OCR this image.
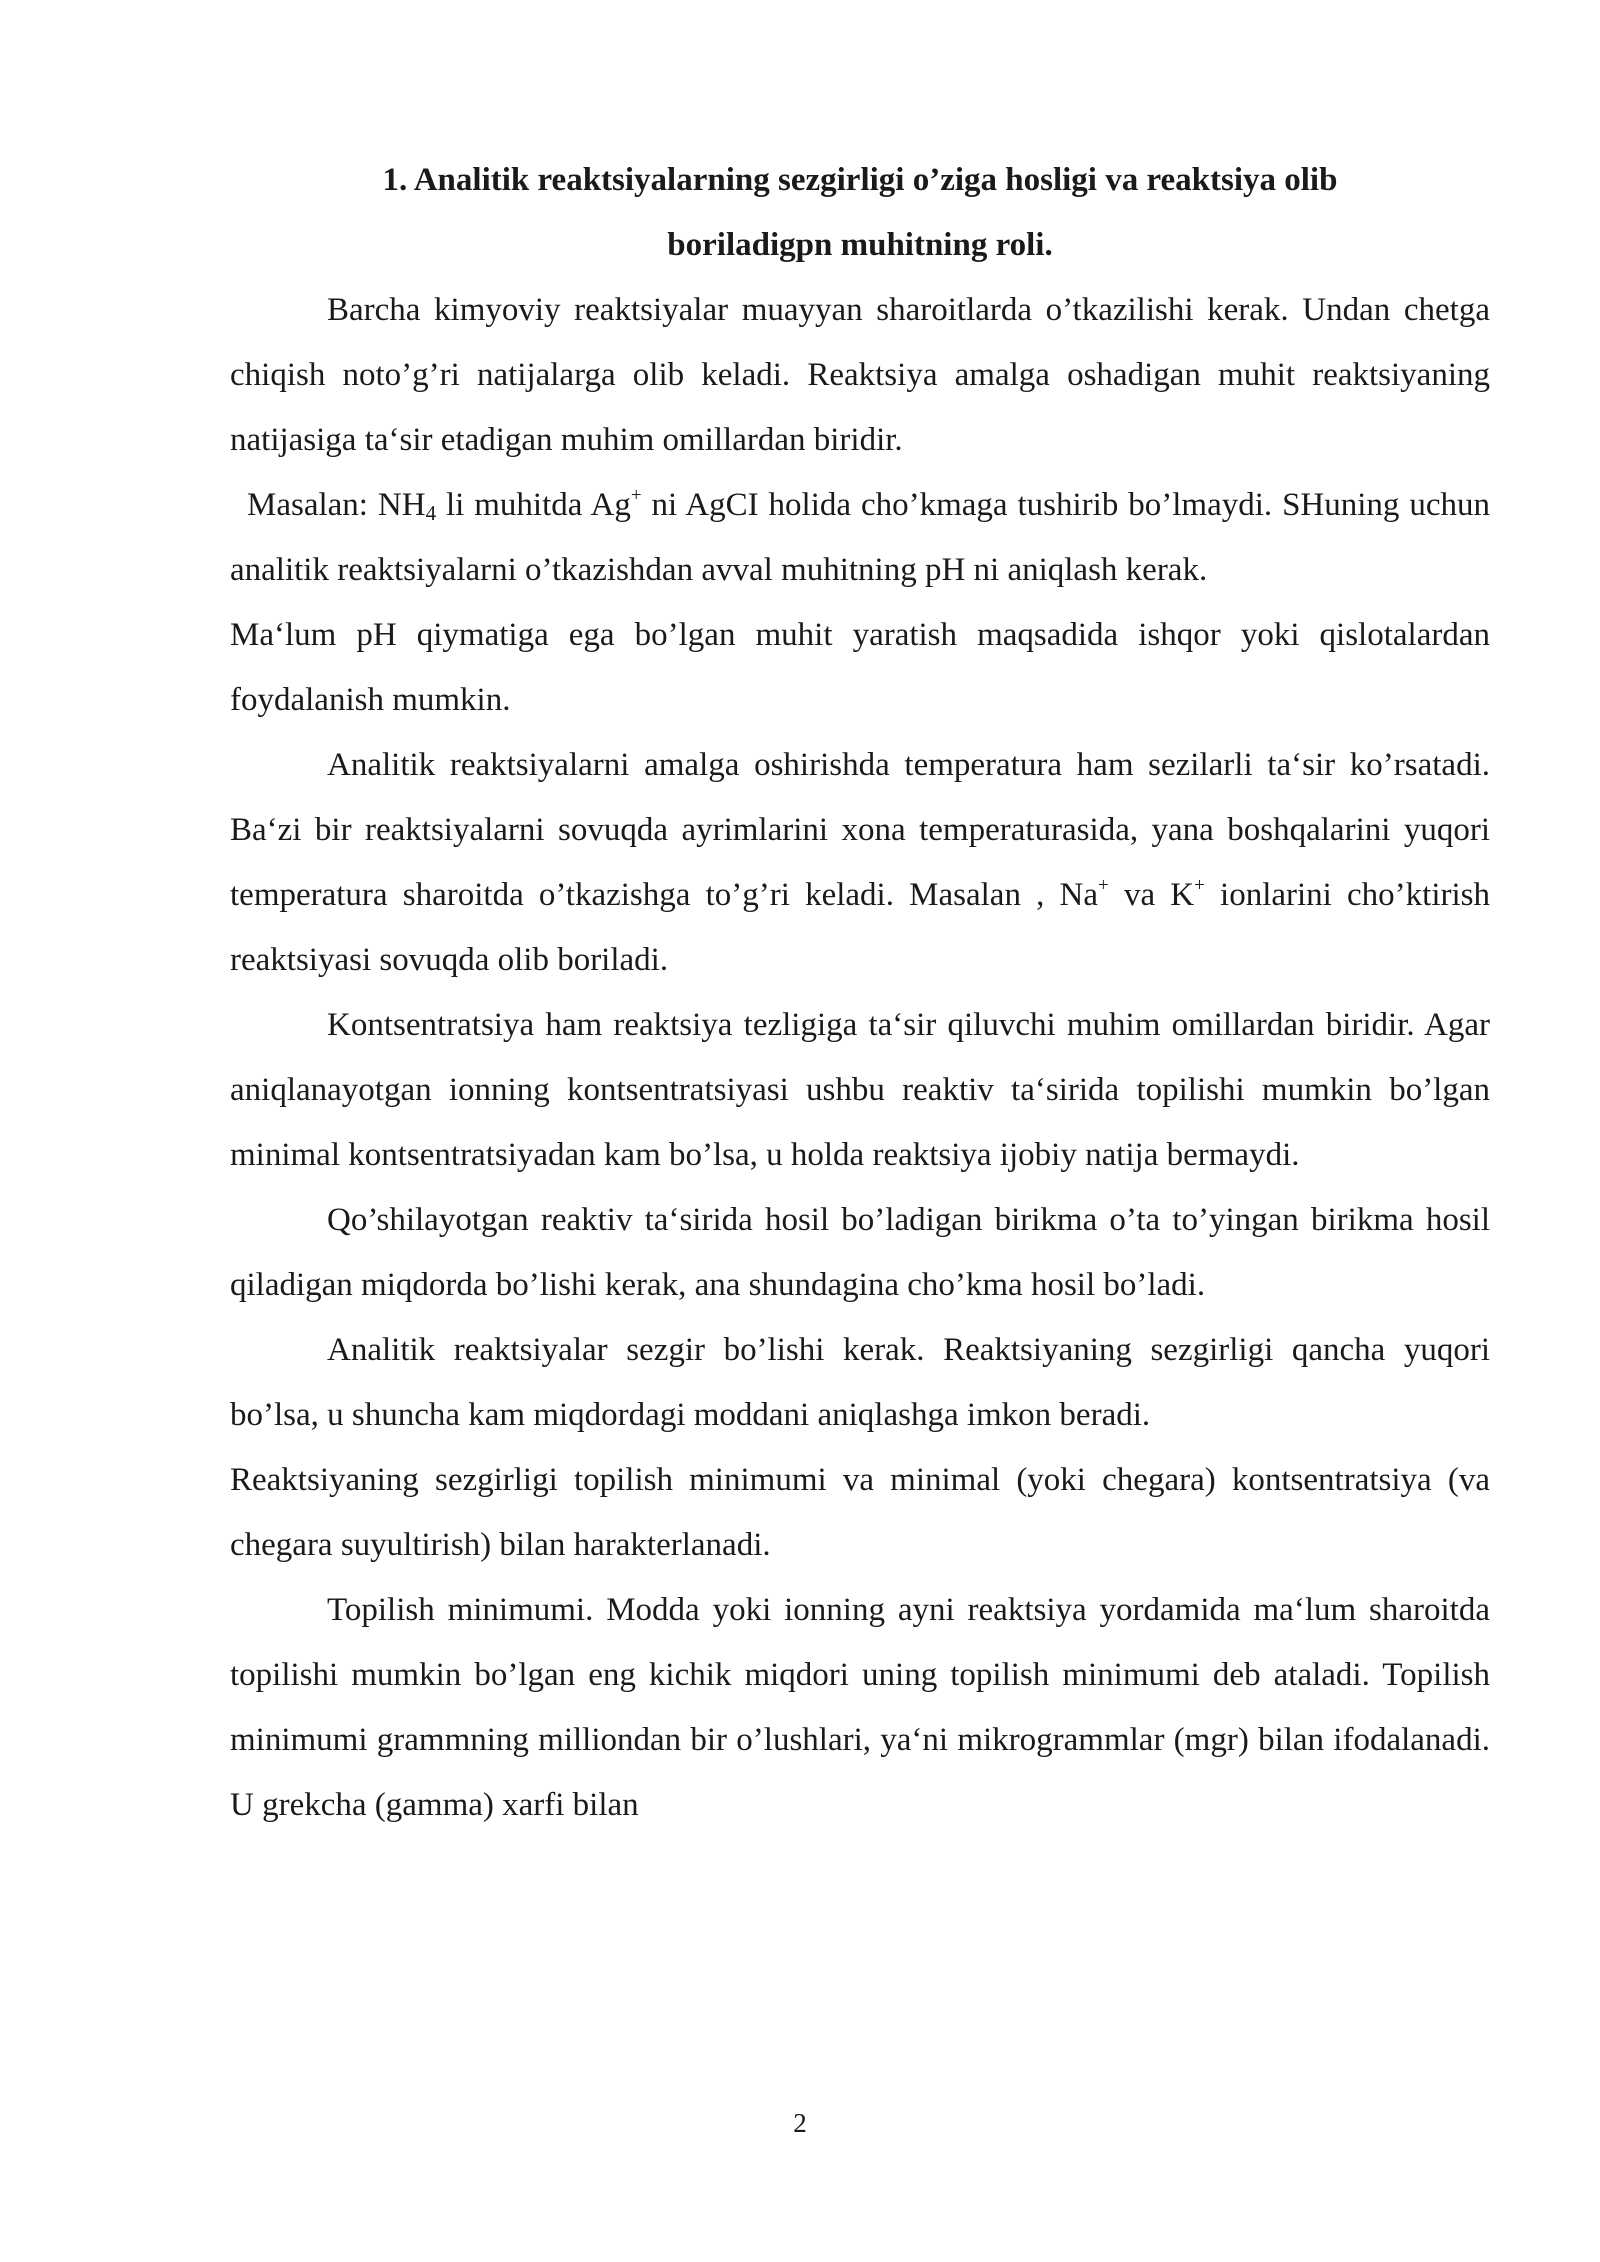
1. Analitik reaktsiyalarning sezgirligi o’ziga hosligi va reaktsiya olib boriladigpn muhitning roli.

Barcha kimyoviy reaktsiyalar muayyan sharoitlarda o’tkazilishi kerak. Undan chetga chiqish noto’g’ri natijalarga olib keladi. Reaktsiya amalga oshadigan muhit reaktsiyaning natijasiga ta‘sir etadigan muhim omillardan biridir.

Masalan: $NH_4$ li muhitda Ag+ ni AgCI holida cho’kmaga tushirib bo’lmaydi. SHuning uchun analitik reaktsiyalarni o’tkazishdan avval muhitning pH ni aniqlash kerak.

Ma‘lum pH qiymatiga ega bo’lgan muhit yaratish maqsadida ishqor yoki qislotalardan foydalanish mumkin.

Analitik reaktsiyalarni amalga oshirishda temperatura ham sezilarli ta‘sir ko’rsatadi. Ba‘zi bir reaktsiyalarni sovuqda ayrimlarini xona temperaturasida, yana boshqalarini yuqori temperatura sharoitda o’tkazishga to’g’ri keladi. Masalan , Na+ va K+ ionlarini cho’ktirish reaktsiyasi sovuqda olib boriladi.

Kontsentratsiya ham reaktsiya tezligiga ta‘sir qiluvchi muhim omillardan biridir. Agar aniqlanayotgan ionning kontsentratsiyasi ushbu reaktiv ta‘sirida topilishi mumkin bo’lgan minimal kontsentratsiyadan kam bo’lsa, u holda reaktsiya ijobiy natija bermaydi.

Qo’shilayotgan reaktiv ta‘sirida hosil bo’ladigan birikma o’ta to’yingan birikma hosil qiladigan miqdorda bo’lishi kerak, ana shundagina cho’kma hosil bo’ladi.

Analitik reaktsiyalar sezgir bo’lishi kerak. Reaktsiyaning sezgirligi qancha yuqori bo’lsa, u shuncha kam miqdordagi moddani aniqlashga imkon beradi.

Reaktsiyaning sezgirligi topilish minimumi va minimal (yoki chegara) kontsentratsiya (va chegara suyultirish) bilan harakterlanadi.

Topilish minimumi. Modda yoki ionning ayni reaktsiya yordamida ma‘lum sharoitda topilishi mumkin bo’lgan eng kichik miqdori uning topilish minimumi deb ataladi. Topilish minimumi grammning milliondan bir o’lushlari, ya‘ni mikrogrammlar (mgr) bilan ifodalanadi. U grekcha (gamma) xarfi bilan

2
